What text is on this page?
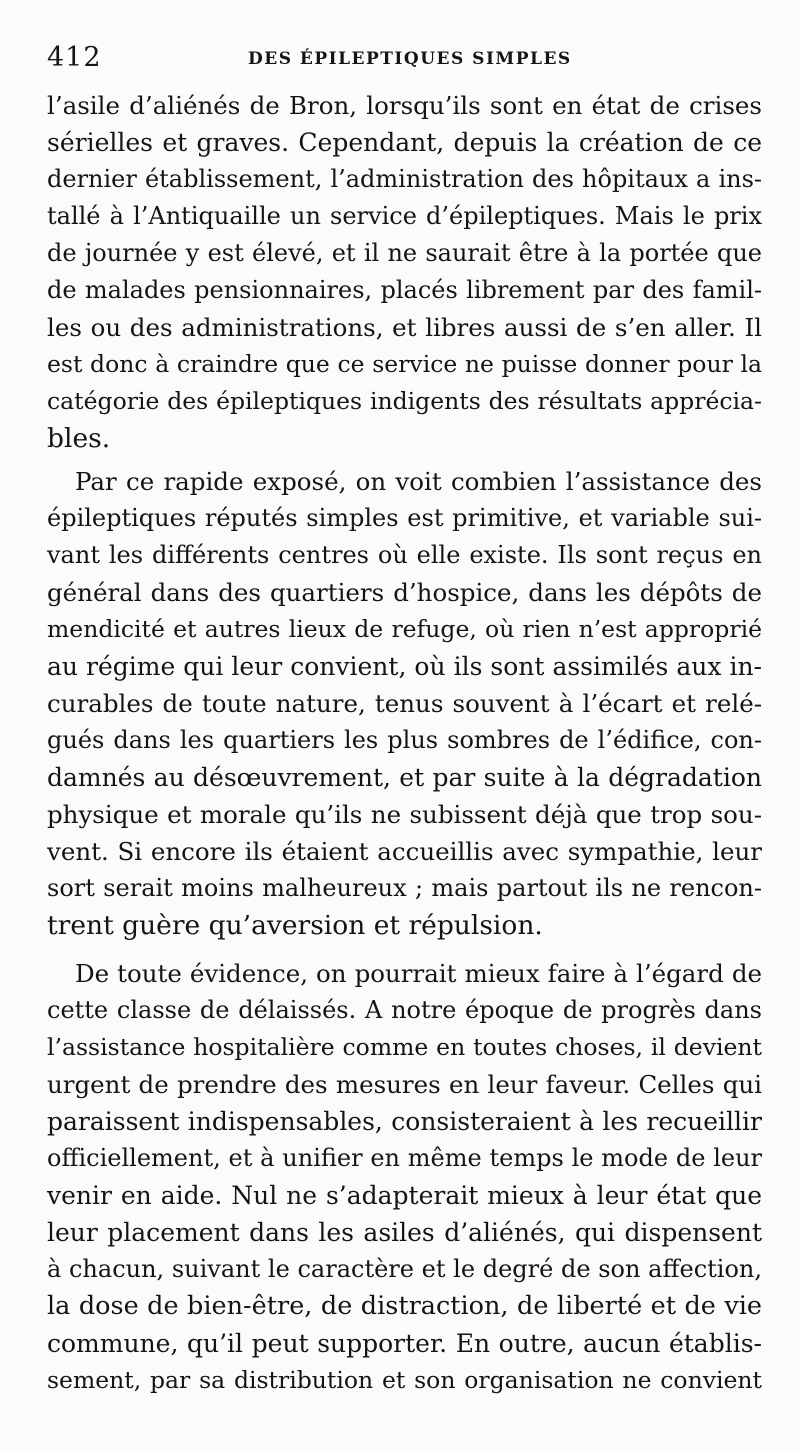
412	DES ÉPILEPTIQUES SIMPLES
l’asile d’aliénés de Bron, lorsqu’ils sont en état de crises
sérielles et graves. Cependant, depuis la création de ce
dernier établissement, l’administration des hôpitaux a ins-
tallé à l’Antiquaille un service d’épileptiques. Mais le prix
de journée y est élevé, et il ne saurait être à la portée que
de malades pensionnaires, placés librement par des famil-
les ou des administrations, et libres aussi de s’en aller. Il
est donc à craindre que ce service ne puisse donner pour la
catégorie des épileptiques indigents des résultats apprécia-
bles.
Par ce rapide exposé, on voit combien l’assistance des
épileptiques réputés simples est primitive, et variable sui-
vant les différents centres où elle existe. Ils sont reçus en
général dans des quartiers d’hospice, dans les dépôts de
mendicité et autres lieux de refuge, où rien n’est approprié
au régime qui leur convient, où ils sont assimilés aux in-
curables de toute nature, tenus souvent à l’écart et relé-
gués dans les quartiers les plus sombres de l’édifice, con-
damnés au désœuvrement, et par suite à la dégradation
physique et morale qu’ils ne subissent déjà que trop sou-
vent. Si encore ils étaient accueillis avec sympathie, leur
sort serait moins malheureux ; mais partout ils ne rencon-
trent guère qu’aversion et répulsion.
De toute évidence, on pourrait mieux faire à l’égard de
cette classe de délaissés. A notre époque de progrès dans
l’assistance hospitalière comme en toutes choses, il devient
urgent de prendre des mesures en leur faveur. Celles qui
paraissent indispensables, consisteraient à les recueillir
officiellement, et à unifier en même temps le mode de leur
venir en aide. Nul ne s’adapterait mieux à leur état que
leur placement dans les asiles d’aliénés, qui dispensent
à chacun, suivant le caractère et le degré de son affection,
la dose de bien-être, de distraction, de liberté et de vie
commune, qu’il peut supporter. En outre, aucun établis-
sement, par sa distribution et son organisation ne convient
